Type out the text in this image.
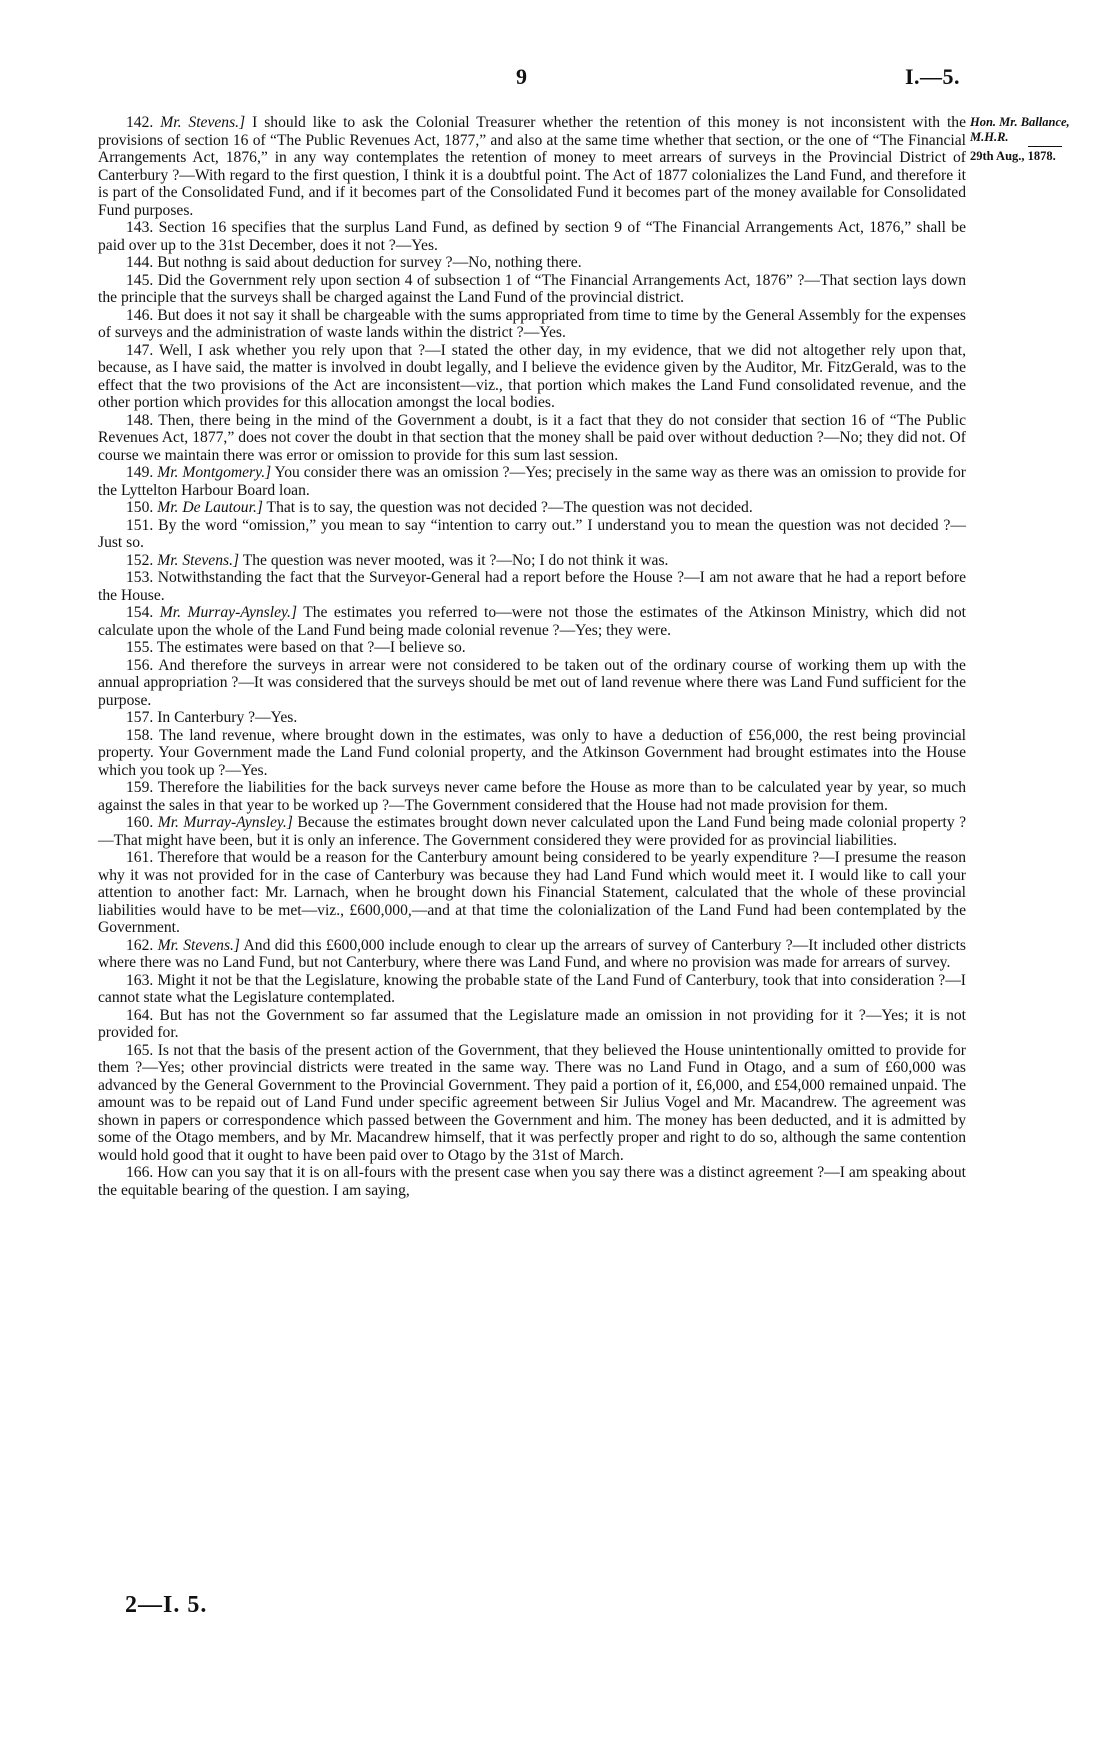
9	I.—5.
Hon. Mr. Ballance, M.H.R.
29th Aug., 1878.

142. Mr. Stevens.] I should like to ask the Colonial Treasurer whether the retention of this money is not inconsistent with the provisions of section 16 of “The Public Revenues Act, 1877,” and also at the same time whether that section, or the one of “The Financial Arrangements Act, 1876,” in any way contemplates the retention of money to meet arrears of surveys in the Provincial District of Canterbury ?—With regard to the first question, I think it is a doubtful point. The Act of 1877 colonializes the Land Fund, and therefore it is part of the Consolidated Fund, and if it becomes part of the Consolidated Fund it becomes part of the money available for Consolidated Fund purposes.

143. Section 16 specifies that the surplus Land Fund, as defined by section 9 of “The Financial Arrangements Act, 1876,” shall be paid over up to the 31st December, does it not ?—Yes.

144. But nothng is said about deduction for survey ?—No, nothing there.

145. Did the Government rely upon section 4 of subsection 1 of “The Financial Arrangements Act, 1876” ?—That section lays down the principle that the surveys shall be charged against the Land Fund of the provincial district.

146. But does it not say it shall be chargeable with the sums appropriated from time to time by the General Assembly for the expenses of surveys and the administration of waste lands within the district ?—Yes.

147. Well, I ask whether you rely upon that ?—I stated the other day, in my evidence, that we did not altogether rely upon that, because, as I have said, the matter is involved in doubt legally, and I believe the evidence given by the Auditor, Mr. FitzGerald, was to the effect that the two provisions of the Act are inconsistent—viz., that portion which makes the Land Fund consolidated revenue, and the other portion which provides for this allocation amongst the local bodies.

148. Then, there being in the mind of the Government a doubt, is it a fact that they do not consider that section 16 of “The Public Revenues Act, 1877,” does not cover the doubt in that section that the money shall be paid over without deduction ?—No; they did not. Of course we maintain there was error or omission to provide for this sum last session.

149. Mr. Montgomery.] You consider there was an omission ?—Yes; precisely in the same way as there was an omission to provide for the Lyttelton Harbour Board loan.

150. Mr. De Lautour.] That is to say, the question was not decided ?—The question was not decided.

151. By the word “omission,” you mean to say “intention to carry out.” I understand you to mean the question was not decided ?—Just so.

152. Mr. Stevens.] The question was never mooted, was it ?—No; I do not think it was.

153. Notwithstanding the fact that the Surveyor-General had a report before the House ?—I am not aware that he had a report before the House.

154. Mr. Murray-Aynsley.] The estimates you referred to—were not those the estimates of the Atkinson Ministry, which did not calculate upon the whole of the Land Fund being made colonial revenue ?—Yes; they were.

155. The estimates were based on that ?—I believe so.

156. And therefore the surveys in arrear were not considered to be taken out of the ordinary course of working them up with the annual appropriation ?—It was considered that the surveys should be met out of land revenue where there was Land Fund sufficient for the purpose.

157. In Canterbury ?—Yes.

158. The land revenue, where brought down in the estimates, was only to have a deduction of £56,000, the rest being provincial property. Your Government made the Land Fund colonial property, and the Atkinson Government had brought estimates into the House which you took up ?—Yes.

159. Therefore the liabilities for the back surveys never came before the House as more than to be calculated year by year, so much against the sales in that year to be worked up ?—The Government considered that the House had not made provision for them.

160. Mr. Murray-Aynsley.] Because the estimates brought down never calculated upon the Land Fund being made colonial property ?—That might have been, but it is only an inference. The Government considered they were provided for as provincial liabilities.

161. Therefore that would be a reason for the Canterbury amount being considered to be yearly expenditure ?—I presume the reason why it was not provided for in the case of Canterbury was because they had Land Fund which would meet it. I would like to call your attention to another fact: Mr. Larnach, when he brought down his Financial Statement, calculated that the whole of these provincial liabilities would have to be met—viz., £600,000,—and at that time the colonialization of the Land Fund had been contemplated by the Government.

162. Mr. Stevens.] And did this £600,000 include enough to clear up the arrears of survey of Canterbury ?—It included other districts where there was no Land Fund, but not Canterbury, where there was Land Fund, and where no provision was made for arrears of survey.

163. Might it not be that the Legislature, knowing the probable state of the Land Fund of Canterbury, took that into consideration ?—I cannot state what the Legislature contemplated.

164. But has not the Government so far assumed that the Legislature made an omission in not providing for it ?—Yes; it is not provided for.

165. Is not that the basis of the present action of the Government, that they believed the House unintentionally omitted to provide for them ?—Yes; other provincial districts were treated in the same way. There was no Land Fund in Otago, and a sum of £60,000 was advanced by the General Government to the Provincial Government. They paid a portion of it, £6,000, and £54,000 remained unpaid. The amount was to be repaid out of Land Fund under specific agreement between Sir Julius Vogel and Mr. Macandrew. The agreement was shown in papers or correspondence which passed between the Government and him. The money has been deducted, and it is admitted by some of the Otago members, and by Mr. Macandrew himself, that it was perfectly proper and right to do so, although the same contention would hold good that it ought to have been paid over to Otago by the 31st of March.

166. How can you say that it is on all-fours with the present case when you say there was a distinct agreement ?—I am speaking about the equitable bearing of the question. I am saying,

2—I. 5.
